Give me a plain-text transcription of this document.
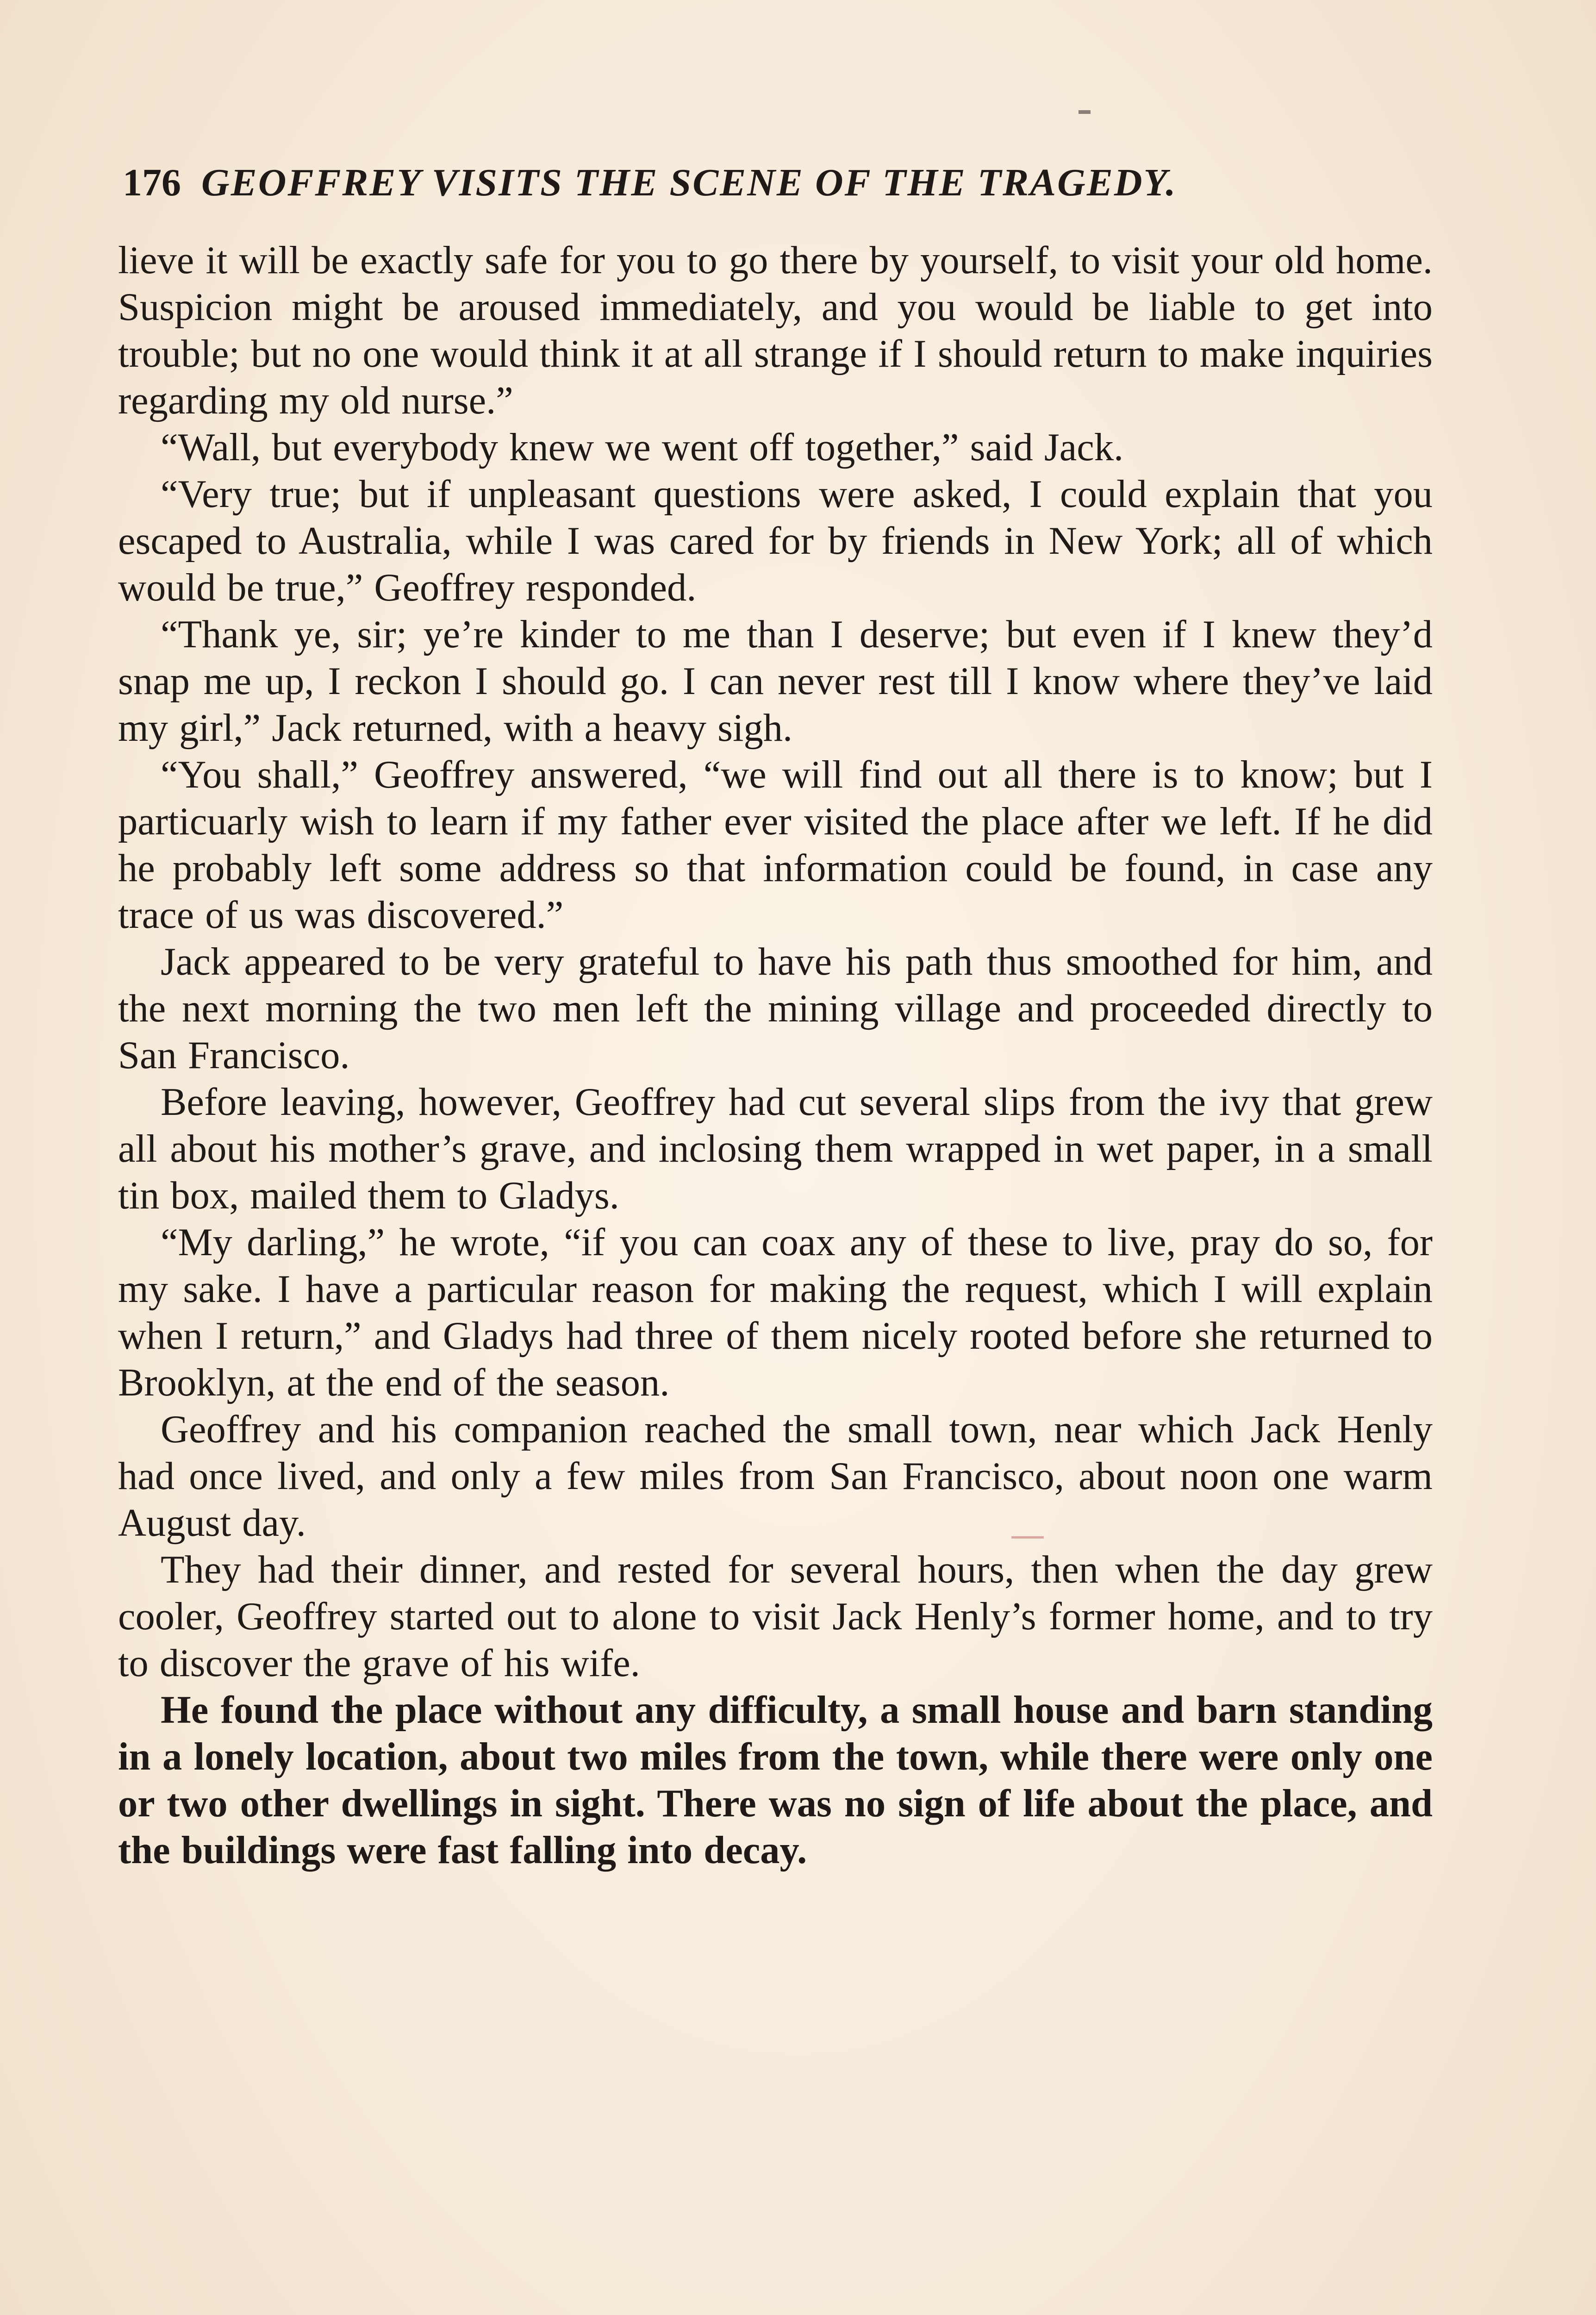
176 GEOFFREY VISITS THE SCENE OF THE TRAGEDY.

lieve it will be exactly safe for you to go there by yourself, to visit your old home. Suspicion might be aroused immediately, and you would be liable to get into trouble; but no one would think it at all strange if I should return to make inquiries regarding my old nurse.”

“Wall, but everybody knew we went off together,” said Jack.

“Very true; but if unpleasant questions were asked, I could explain that you escaped to Australia, while I was cared for by friends in New York; all of which would be true,” Geoffrey responded.

“Thank ye, sir; ye’re kinder to me than I deserve; but even if I knew they’d snap me up, I reckon I should go. I can never rest till I know where they’ve laid my girl,” Jack returned, with a heavy sigh.

“You shall,” Geoffrey answered, “we will find out all there is to know; but I particuarly wish to learn if my father ever visited the place after we left. If he did he probably left some address so that information could be found, in case any trace of us was discovered.”

Jack appeared to be very grateful to have his path thus smoothed for him, and the next morning the two men left the mining village and proceeded directly to San Francisco.

Before leaving, however, Geoffrey had cut several slips from the ivy that grew all about his mother’s grave, and inclosing them wrapped in wet paper, in a small tin box, mailed them to Gladys.

“My darling,” he wrote, “if you can coax any of these to live, pray do so, for my sake. I have a particular reason for making the request, which I will explain when I return,” and Gladys had three of them nicely rooted before she returned to Brooklyn, at the end of the season.

Geoffrey and his companion reached the small town, near which Jack Henly had once lived, and only a few miles from San Francisco, about noon one warm August day.

They had their dinner, and rested for several hours, then when the day grew cooler, Geoffrey started out to alone to visit Jack Henly’s former home, and to try to discover the grave of his wife.

He found the place without any difficulty, a small house and barn standing in a lonely location, about two miles from the town, while there were only one or two other dwellings in sight. There was no sign of life about the place, and the buildings were fast falling into decay.
